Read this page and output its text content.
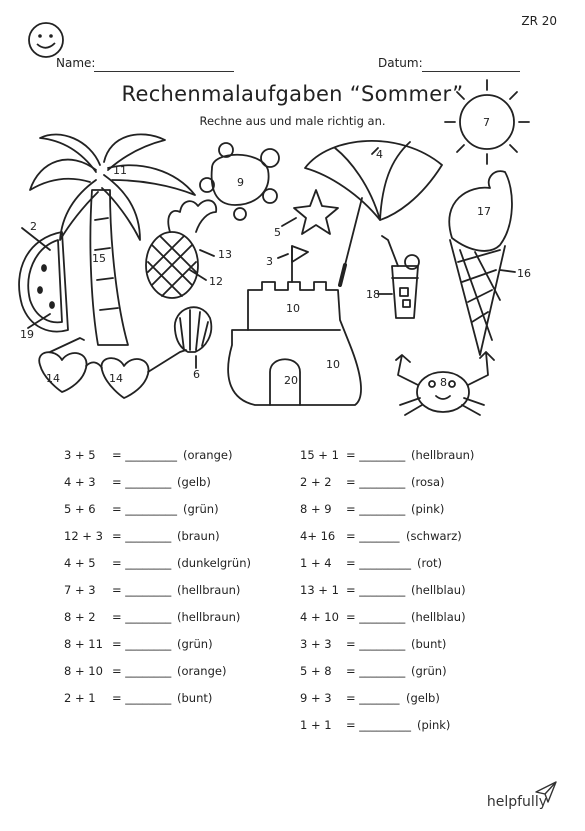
ZR 20
Name:	Datum:
Rechenmalaufgaben “Sommer”
Rechne aus und male richtig an.
11
15
2
19
9
5
13
12
4
7
17
16
3
18
10
10
20
6
14	14	8
3 + 5 = _________ (orange)
4 + 3 = ________ (gelb)
5 + 6 = _________ (grün)
12 + 3 = ________ (braun)
4 + 5 = ________ (dunkelgrün)
7 + 3 = ________ (hellbraun)
8 + 2 = ________ (hellbraun)
8 + 11 = ________ (grün)
8 + 10 = ________ (orange)
2 + 1 = ________ (bunt)
15 + 1 = ________ (hellbraun)
2 + 2 = ________ (rosa)
8 + 9 = ________ (pink)
4+ 16 = _______ (schwarz)
1 + 4 = _________ (rot)
13 + 1 = ________ (hellblau)
4 + 10 = ________ (hellblau)
3 + 3 = ________ (bunt)
5 + 8 = ________ (grün)
9 + 3 = _______ (gelb)
1 + 1 = _________ (pink)
helpfully
